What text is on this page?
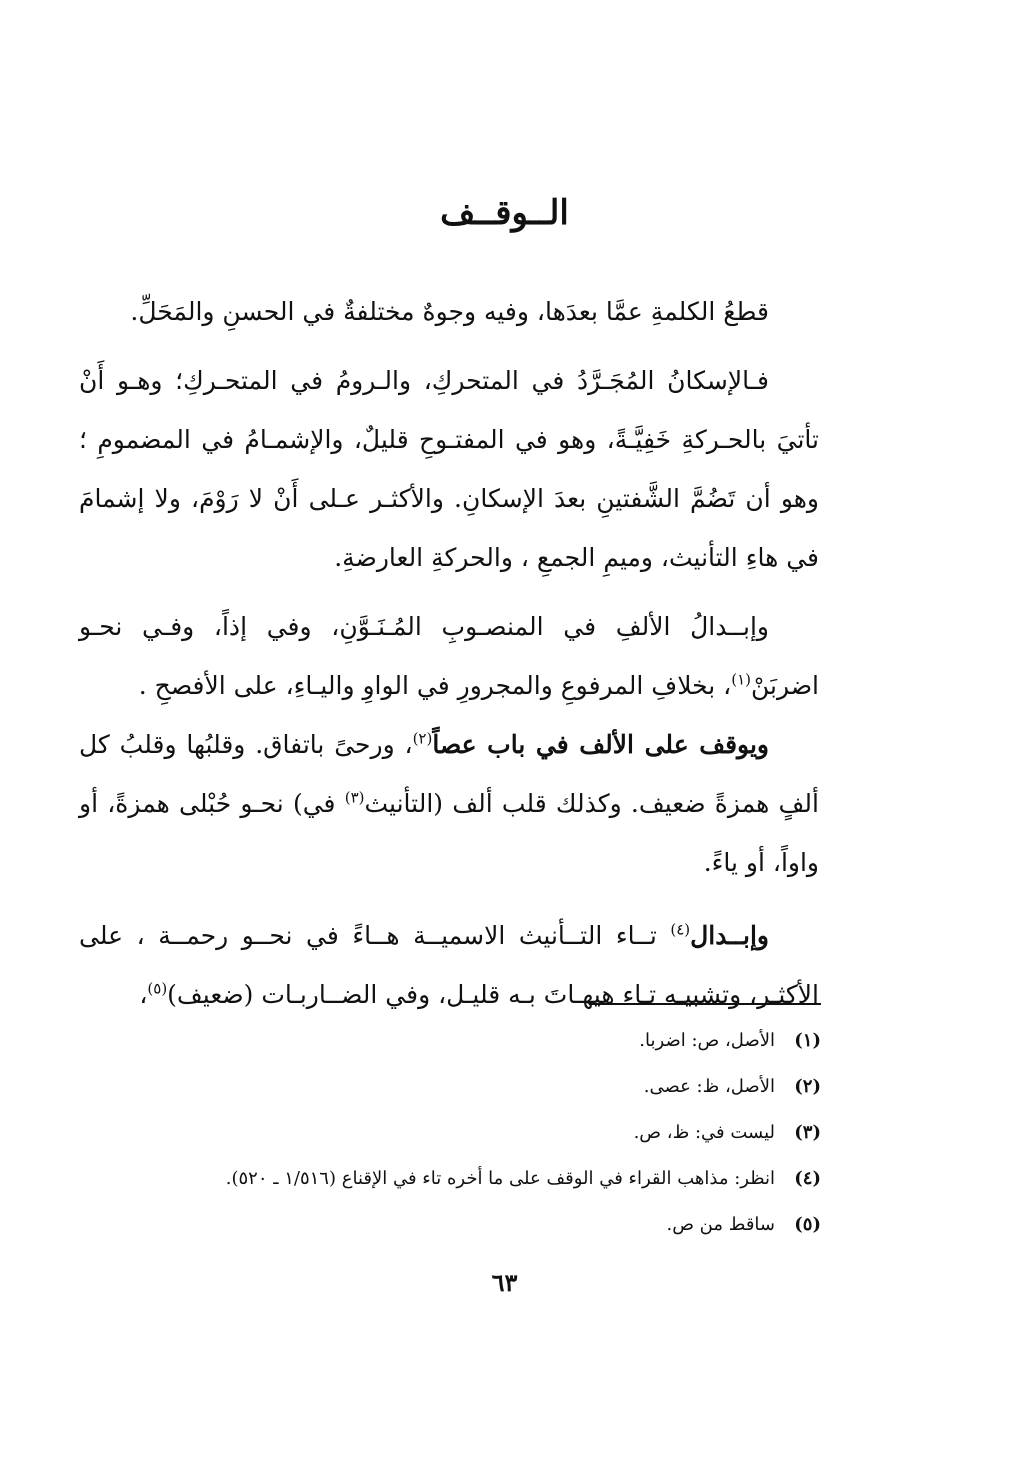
الــوقــف

قطعُ الكلمةِ عمَّا بعدَها، وفيه وجوهٌ مختلفةٌ في الحسنِ والمَحَلِّ.

فـالإسكانُ المُجَـرَّدُ في المتحركِ، والـرومُ في المتحـركِ؛ وهـو أَنْ تأتيَ بالحـركةِ خَفِيَّـةً، وهو في المفتـوحِ قليلٌ، والإشمـامُ في المضمومِ ؛ وهو أن تَضُمَّ الشَّفتينِ بعدَ الإسكانِ. والأكثـر عـلى أَنْ لا رَوْمَ، ولا إشمامَ في هاءِ التأنيث، وميمِ الجمعِ ، والحركةِ العارضةِ.

وإبــدالُ الألفِ في المنصـوبِ المُـنَـوَّنِ، وفي إذاً، وفـي نحـو اضربَنْ$^{(١)}$، بخلافِ المرفوعِ والمجرورِ في الواوِ واليـاءِ، على الأفصحِ .

ويوقف على الألف في باب عصاً$^{(٢)}$، ورحىً باتفاق. وقلبُها وقلبُ كل ألفٍ همزةً ضعيف. وكذلك قلب ألف (التأنيث$^{(٣)}$ في) نحـو حُبْلى همزةً، أو واواً، أو ياءً.

وإبــدال$^{(٤)}$ تــاء التــأنيث الاسميــة هــاءً في نحــو رحمــة ، على الأكثـر، وتشبيـه تـاء هيهـاتَ بـه قليـل، وفي الضــاربـات (ضعيف)$^{(٥)}$،

(١)
الأصل، ص: اضربا.
(٢)
الأصل، ظ: عصى.
(٣)
ليست في: ظ، ص.
(٤)
انظر: مذاهب القراء في الوقف على ما أخره تاء في الإقناع (١/٥١٦ ـ ٥٢٠).
(٥)
ساقط من ص.
٦٣
